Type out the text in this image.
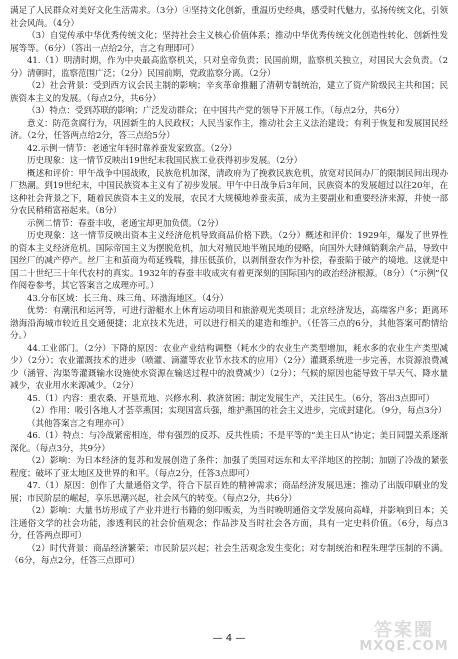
满足了人民群众对美好文化生活需求。（3分）④坚持文化创新，重温历史经典，感受时代魅力，弘扬传统文化，引领社会风尚。（4分）

（3）自觉传承中华优秀传统文化；坚持社会主义核心价值体系；推动中华优秀传统文化创造性转化、创新性发展等等。（6分）（答出一点给2分，言之有理即可）

41.（1）明清时期，作为中央最高监察机关，只对皇帝负责；民国前期，监察机关独立，对国民大会负责。（2分）清朝时，监察范围广泛；（2分）民国前期，党政监察分离。（2分）

（2）社会背景：受到西方议会民主制的影响；辛亥革命推翻了清朝专制统治，建立了资产阶级民主共和国；民族资本主义的发展。（每点2分，共6分）

（3）特点：受到苏联的影响；广泛发动群众；在中国共产党的领导下开展工作。（每点2分，共6分）

意义：防范贪腐行为，巩固新生的人民政权；人民当家作主，推动社会主义法治建设；有利于恢复和发展国民经济。（2分，任答两点给2分，答三点给5分）

42.示例一情节：老通宝年轻时靠养蚕发家致富。（2分）

历史现象：这一情节反映出19世纪末我国民族工业获得初步发展。（2分）

概述和评价：甲午战争中国战败，民族危机加深，清政府为了挽救民族危机，放宽对民间办厂的限制民间出现办厂热潮。到19世纪末，中国民族资本主义有了初步发展。甲午中日战争后3年间，民族资本的发展超过以往20年，在这种社会背景之下，随着民族资本主义的发展，农民才大规模地养蚕卖茧，成为主要副业和重要经济来源，并使一部分农民稍稍富裕起来。（8分）

示例二情节：春蚕丰收，老通宝却更加负债。（2分）

历史现象：这一情节反映出资本主义经济危机导致商品价格下跌。（2分）概述和评价：1929年，爆发了世界性的资本主义经济危机。国际帝国主义为摆脱危机，加大对殖民地半殖民地的侵略，向国外大肆倾销剩余产品，导致中国丝厂的减产停产。丝厂主和茧商为苟延残喘，排压低茧价，以剥削蚕农作为补偿，春蚕陷于破产的境地。这就是中国二十世纪三十年代农村的真实。1932年的春蚕丰收成灾有着更深刻的国际国内的政治经济根源。（8分）（“示例”仅作阅卷参考，其它答案言之成理亦可。）

43.分布区域：长三角、珠三角、环渤海地区。（4分）

优势：有潮汛和运河等，可进行游艇水上休育运动项目和旅游观光类项目；北京经济发达，高端客户多；距离环渤海沿海城市较近且交通便捷；北京技术先进，可以进行相关的建造和维护。（任答三点的6分，其他答案可酌情给分。）

44.工业部门。（2分）下降的原因：农业产业结构调整（耗水少的农业生产类型增加，耗水多的农业生产类型减少）（2分）；农业灌溉技术的进步（喷灌、滴灌等农业节水技术的应用）（2分）灌溉系统进一步完善，水资源浪费减少（涵管、沟渠等灌溉输水设施使水资源在输送过程中的浪费减少）（2分）；气候的原因也能导致干旱天气、降水量减少，农业用水来源减少。（2分）

45.（1）内容：重农桑、开垦荒地、兴修水利、救济贫困；制定发展生产，关注民生。（6分，答出3点即可）

（2）作用：吸引各地人才荟萃燕国；实现国富兵强，维护燕国的社会主义进步，完成封建化。（9分，每点3分）

（其他答案言之有理亦可）

46.（1）特点：与冷战紧密相连，带有强烈的反苏、反共性质；不是平等的“美主日从”协定；美日同盟关系逐渐深化。（每点3分，共9分）

（2）影响：为日本经济的复苏和发展创造了条件；加强了美国对远东和太平洋地区的控制；加剧了冷战的紧张程度；破坏了亚太地区及世界的和平。（每点2分，任答3点即可）

47.（1）原因：创作了大量通俗文学，符合下层百姓的精神需求；商品经济发展迅速；推动了出版印刷业的发展；市民阶层的崛起，享乐思潮兴起，社会风气的转变。（每点2分，共6分）

（2）影响：大量书坊形成了产业并进行书籍的刻印贩卖，为当时晚明通俗文学发展向高峰，并影响到日本；关注通俗文学的社会功能，渗透利民的社会价值观念；作品涉及当时社会各方面，具有一定史料价值。（6分，每点3分，任答两点即可）

（2）时代背景：商品经济繁荣；市民阶层兴起；社会生活观念发生变化；对专制统治和程朱理学压制的不满。（6分，每点2分，任答三点即可）

— 4 —	答案圈
MXQE.COM
